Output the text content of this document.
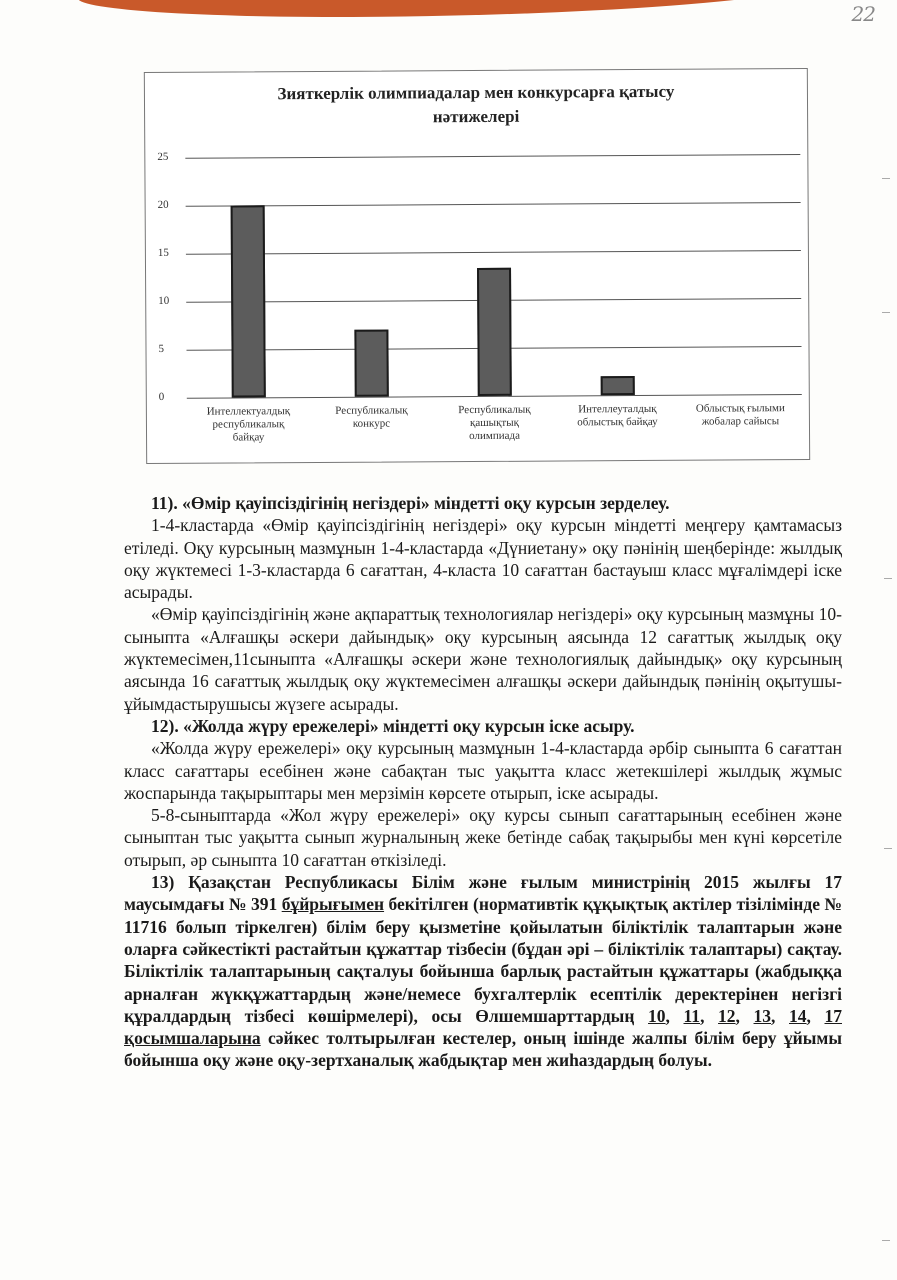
22
Зияткерлік олимпиадалар мен конкурсарға қатысу
нәтижелері
25
20
15
10
5
0
Интеллектуалдық
республикалық
байқау
Республикалық
конкурс
Республикалық
қашықтық
олимпиада
Интеллеуталдық
облыстық байқау
Облыстық ғылыми
жобалар сайысы

11). «Өмір қауіпсіздігінің негіздері» міндетті оқу курсын зерделеу.

1-4-кластарда «Өмір қауіпсіздігінің негіздері» оқу курсын міндетті меңгеру қамтамасыз етіледі. Оқу курсының мазмұнын 1-4-кластарда «Дүниетану» оқу пәнінің шеңберінде: жылдық оқу жүктемесі 1-3-кластарда 6 сағаттан, 4-класта 10 сағаттан бастауыш класс мұғалімдері іске асырады.

«Өмір қауіпсіздігінің және ақпараттық технологиялар негіздері» оқу курсының мазмұны 10-сыныпта «Алғашқы әскери дайындық» оқу курсының аясында 12 сағаттық жылдық оқу жүктемесімен,11сыныпта «Алғашқы әскери және технологиялық дайындық» оқу курсының аясында 16 сағаттық жылдық оқу жүктемесімен алғашқы әскери дайындық пәнінің оқытушы-ұйымдастырушысы жүзеге асырады.

12). «Жолда жүру ережелері» міндетті оқу курсын іске асыру.

«Жолда жүру ережелері» оқу курсының мазмұнын 1-4-кластарда әрбір сыныпта 6 сағаттан класс сағаттары есебінен және сабақтан тыс уақытта класс жетекшілері жылдық жұмыс жоспарында тақырыптары мен мерзімін көрсете отырып, іске асырады.

5-8-сыныптарда «Жол жүру ережелері» оқу курсы сынып сағаттарының есебінен және сыныптан тыс уақытта сынып журналының жеке бетінде сабақ тақырыбы мен күні көрсетіле отырып, әр сыныпта 10 сағаттан өткізіледі.

13) Қазақстан Республикасы Білім және ғылым министрінің 2015 жылғы 17 маусымдағы № 391 бұйрығымен бекітілген (нормативтік құқықтық актілер тізілімінде № 11716 болып тіркелген) білім беру қызметіне қойылатын біліктілік талаптарын және оларға сәйкестікті растайтын құжаттар тізбесін (бұдан әрі – біліктілік талаптары) сақтау. Біліктілік талаптарының сақталуы бойынша барлық растайтын құжаттары (жабдыққа арналған жүкқұжаттардың және/немесе бухгалтерлік есептілік деректерінен негізгі құралдардың тізбесі көшірмелері), осы Өлшемшарттардың 10, 11, 12, 13, 14, 17 қосымшаларына сәйкес толтырылған кестелер, оның ішінде жалпы білім беру ұйымы бойынша оқу және оқу-зертханалық жабдықтар мен жиһаздардың болуы.
